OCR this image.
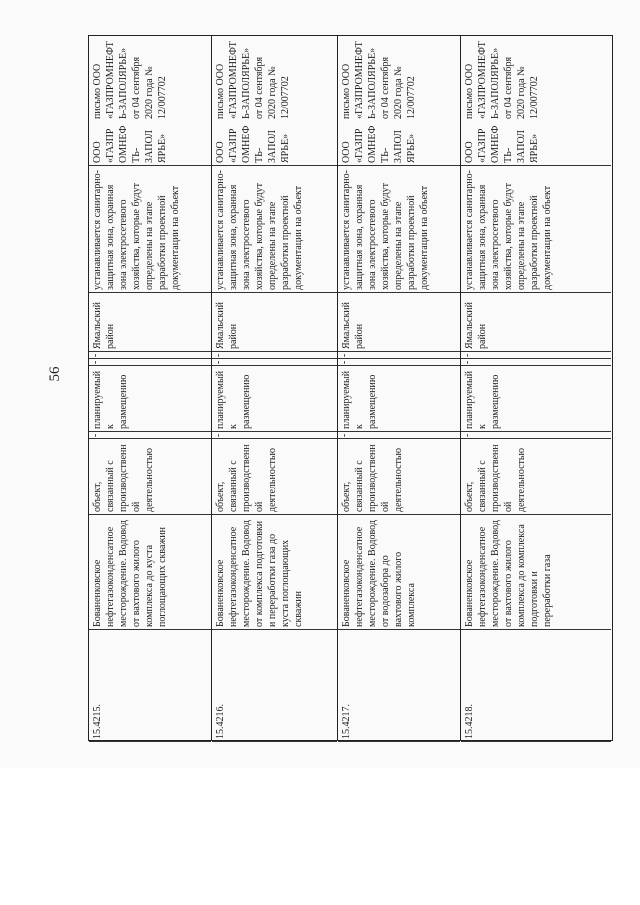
56
15.4215.
Бованенковское нефтегазоконденсатное месторождение. Водовод от вахтового жилого комплекса до куста поглощающих скважин
объект, связанный с производственной деятельностью
-
планируемый к размещению
-
-
Ямальский район
устанавливается санитарно-защитная зона, охранная зона электросетевого хозяйства, которые будут определены на этапе разработки проектной документации на объект
ООО «ГАЗПРОМНЕФТЬ-ЗАПОЛЯРЬЕ»
письмо ООО «ГАЗПРОМНЕФТЬ-ЗАПОЛЯРЬЕ» от 04 сентября 2020 года № 12/007702
15.4216.
Бованенковское нефтегазоконденсатное месторождение. Водовод от комплекса подготовки и переработки газа до куста поглощающих скважин
объект, связанный с производственной деятельностью
-
планируемый к размещению
-
-
Ямальский район
устанавливается санитарно-защитная зона, охранная зона электросетевого хозяйства, которые будут определены на этапе разработки проектной документации на объект
ООО «ГАЗПРОМНЕФТЬ-ЗАПОЛЯРЬЕ»
письмо ООО «ГАЗПРОМНЕФТЬ-ЗАПОЛЯРЬЕ» от 04 сентября 2020 года № 12/007702
15.4217.
Бованенковское нефтегазоконденсатное месторождение. Водовод от водозабора до вахтового жилого комплекса
объект, связанный с производственной деятельностью
-
планируемый к размещению
-
-
Ямальский район
устанавливается санитарно-защитная зона, охранная зона электросетевого хозяйства, которые будут определены на этапе разработки проектной документации на объект
ООО «ГАЗПРОМНЕФТЬ-ЗАПОЛЯРЬЕ»
письмо ООО «ГАЗПРОМНЕФТЬ-ЗАПОЛЯРЬЕ» от 04 сентября 2020 года № 12/007702
15.4218.
Бованенковское нефтегазоконденсатное месторождение. Водовод от вахтового жилого комплекса до комплекса подготовки и переработки газа
объект, связанный с производственной деятельностью
-
планируемый к размещению
-
-
Ямальский район
устанавливается санитарно-защитная зона, охранная зона электросетевого хозяйства, которые будут определены на этапе разработки проектной документации на объект
ООО «ГАЗПРОМНЕФТЬ-ЗАПОЛЯРЬЕ»
письмо ООО «ГАЗПРОМНЕФТЬ-ЗАПОЛЯРЬЕ» от 04 сентября 2020 года № 12/007702
